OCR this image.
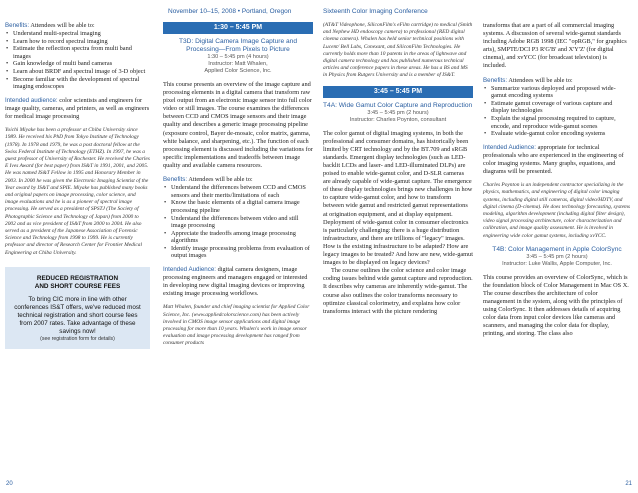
November 10–15, 2008 • Portland, Oregon

Benefits: Attendees will be able to:

• Understand multi-spectral imaging
• Learn how to record spectral imaging
• Estimate the reflection spectra from multi band images
• Gain knowledge of multi band cameras
• Learn about BRDF and spectral image of 3-D object
• Become familiar with the development of spectral imaging endoscopes

Intended audience: color scientists and engineers for image quality, cameras, and printers, as well as engineers for medical image processing

Yoichi Miyake has been a professor at Chiba University since 1989. He received his PhD from Tokyo Institute of Technology (1978). In 1978 and 1979, he was a post doctoral fellow at the Swiss Federal Institute of Technology (ETHZ). In 1997, he was a guest professor of University of Rochester. He received the Charles E Ives Award (for best paper) from IS&T in 1991, 2001, and 2005. He was named IS&T Fellow in 1995 and Honorary Member in 2003. In 2000 he was given the Electronic Imaging Scientist of the Year award by IS&T and SPIE. Miyake has published many books and original papers on image processing, color science, and image evaluations and he is as a pioneer of spectral image processing. He served as a president of SPSTJ (The Society of Photographic Science and Technology of Japan) from 2000 to 2002 and as vice president of IS&T from 2000 to 2004. He also served as a president of the Japanese Association of Forensic Science and Technology from 1998 to 1999. He is currently professor and director of Research Center for Frontier Medical Engineering at Chiba University.

REDUCED REGISTRATION
AND SHORT COURSE FEES
To bring CIC more in line with other conferences IS&T offers, we've reduced most technical registration and short course fees from 2007 rates. Take advantage of these savings now!
(see registration form for details)
1:30 – 5:45 PM
T3D: Digital Camera Image Capture and Processing—From Pixels to Picture
1:30 – 5:45 pm (4 hours)
Instructor: Matt Whalen,
Applied Color Science, Inc.

This course presents an overview of the image capture and processing elements in a digital camera that transform raw pixel output from an electronic image sensor into full color video or still images. The course examines the differences between CCD and CMOS image sensors and their image quality and describes a generic image processing pipeline (exposure control, Bayer de-mosaic, color matrix, gamma, white balance, and sharpening, etc.). The function of each processing element is discussed including the variations for specific implementations and tradeoffs between image quality and available camera resources.

Benefits: Attendees will be able to:

• Understand the differences between CCD and CMOS sensors and their merits/limitations of each
• Know the basic elements of a digital camera image processing pipeline
• Understand the differences between video and still image processing
• Appreciate the tradeoffs among image processing algorithms
• Identify image processing problems from evaluation of output images

Intended Audience: digital camera designers, image processing engineers and managers engaged or interested in developing new digital imaging devices or improving existing image processing workflows.

Matt Whalen, founder and chief imaging scientist for Applied Color Science, Inc. (www.appliedcolorscience.com) has been actively involved in CMOS image sensor applications and digital image processing for more than 10 years. Whalen's work in image sensor evaluation and image processing development has ranged from consumer products

20
Sixteenth Color Imaging Conference

(AT&T Videophone, SiliconFilm's eFilm cartridge) to medical (Smith and Nephew HD endoscopy camera) to professional (RED digital cinema camera). Whalen has held senior technical positions with Lucent/ Bell Labs, Conexant, and SiliconFilm Technologies. He currently holds more than 10 patents in the areas of lightwave and digital camera technology and has published numerous technical articles and conference papers in these areas. He has a BS and MS in Physics from Rutgers University and is a member of IS&T.

3:45 – 5:45 PM
T4A: Wide Gamut Color Capture and Reproduction
3:45 – 5:45 pm (2 hours)
Instructor: Charles Poynton, consultant

The color gamut of digital imaging systems, in both the professional and consumer domains, has historically been limited by CRT technology and by the BT.709 and sRGB standards. Emergent display technologies (such as LED-backlit LCDs and laser- and LED-illuminated DLPs) are poised to enable wide-gamut color, and D-SLR cameras are already capable of wide-gamut capture. The emergence of these display technologies brings new challenges in how to capture wide-gamut color, and how to transform between wide gamut and restricted gamut representations at origination equipment, and at display equipment. Deployment of wide-gamut color in consumer electronics is particularly challenging: there is a huge distribution infrastructure, and there are trillions of "legacy" images. How is the existing infrastructure to be adapted? How are legacy images to be treated? And how are new, wide-gamut images to be displayed on legacy devices?

The course outlines the color science and color image coding issues behind wide gamut capture and reproduction. It describes why cameras are inherently wide-gamut. The course also outlines the color transforms necessary to optimize classical colorimetry, and explains how color transforms interact with the picture rendering

transforms that are a part of all commercial imaging systems. A discussion of several wide-gamut standards including Adobe RGB 1998 (IEC "opRGB," for graphics arts), SMPTE/DCI P3 R'G'B' and X'Y'Z' (for digital cinema), and xvYCC (for broadcast television) is included.

Benefits: Attendees will be able to:

• Summarize various deployed and proposed wide-gamut encoding systems
• Estimate gamut coverage of various capture and display technologies
• Explain the signal processing required to capture, encode, and reproduce wide-gamut scenes
• Evaluate wide-gamut color encoding systems

Intended Audience: appropriate for technical professionals who are experienced in the engineering of color imaging systems. Many graphs, equations, and diagrams will be presented.

Charles Poynton is an independent contractor specializing in the physics, mathematics, and engineering of digital color imaging systems, including digital still cameras, digital video/HDTV, and digital cinema (D-cinema). He does technology forecasting, systems modeling, algorithm development (including digital filter design), video signal processing architecture, color characterization and calibration, and image quality assessment. He is involved in engineering wide color gamut systems, including xvYCC.

T4B: Color Management in Apple ColorSync
3:45 – 5:45 pm (2 hours)
Instructor: Luke Wallis, Apple Computer, Inc.

This course provides an overview of ColorSync, which is the foundation block of Color Management in Mac OS X. The course describes the architecture of color management in the system, along with the principles of using ColorSync. It then addresses details of acquiring color data from input color devices like cameras and scanners, and managing the color data for display, printing, and storing. The class also

21
